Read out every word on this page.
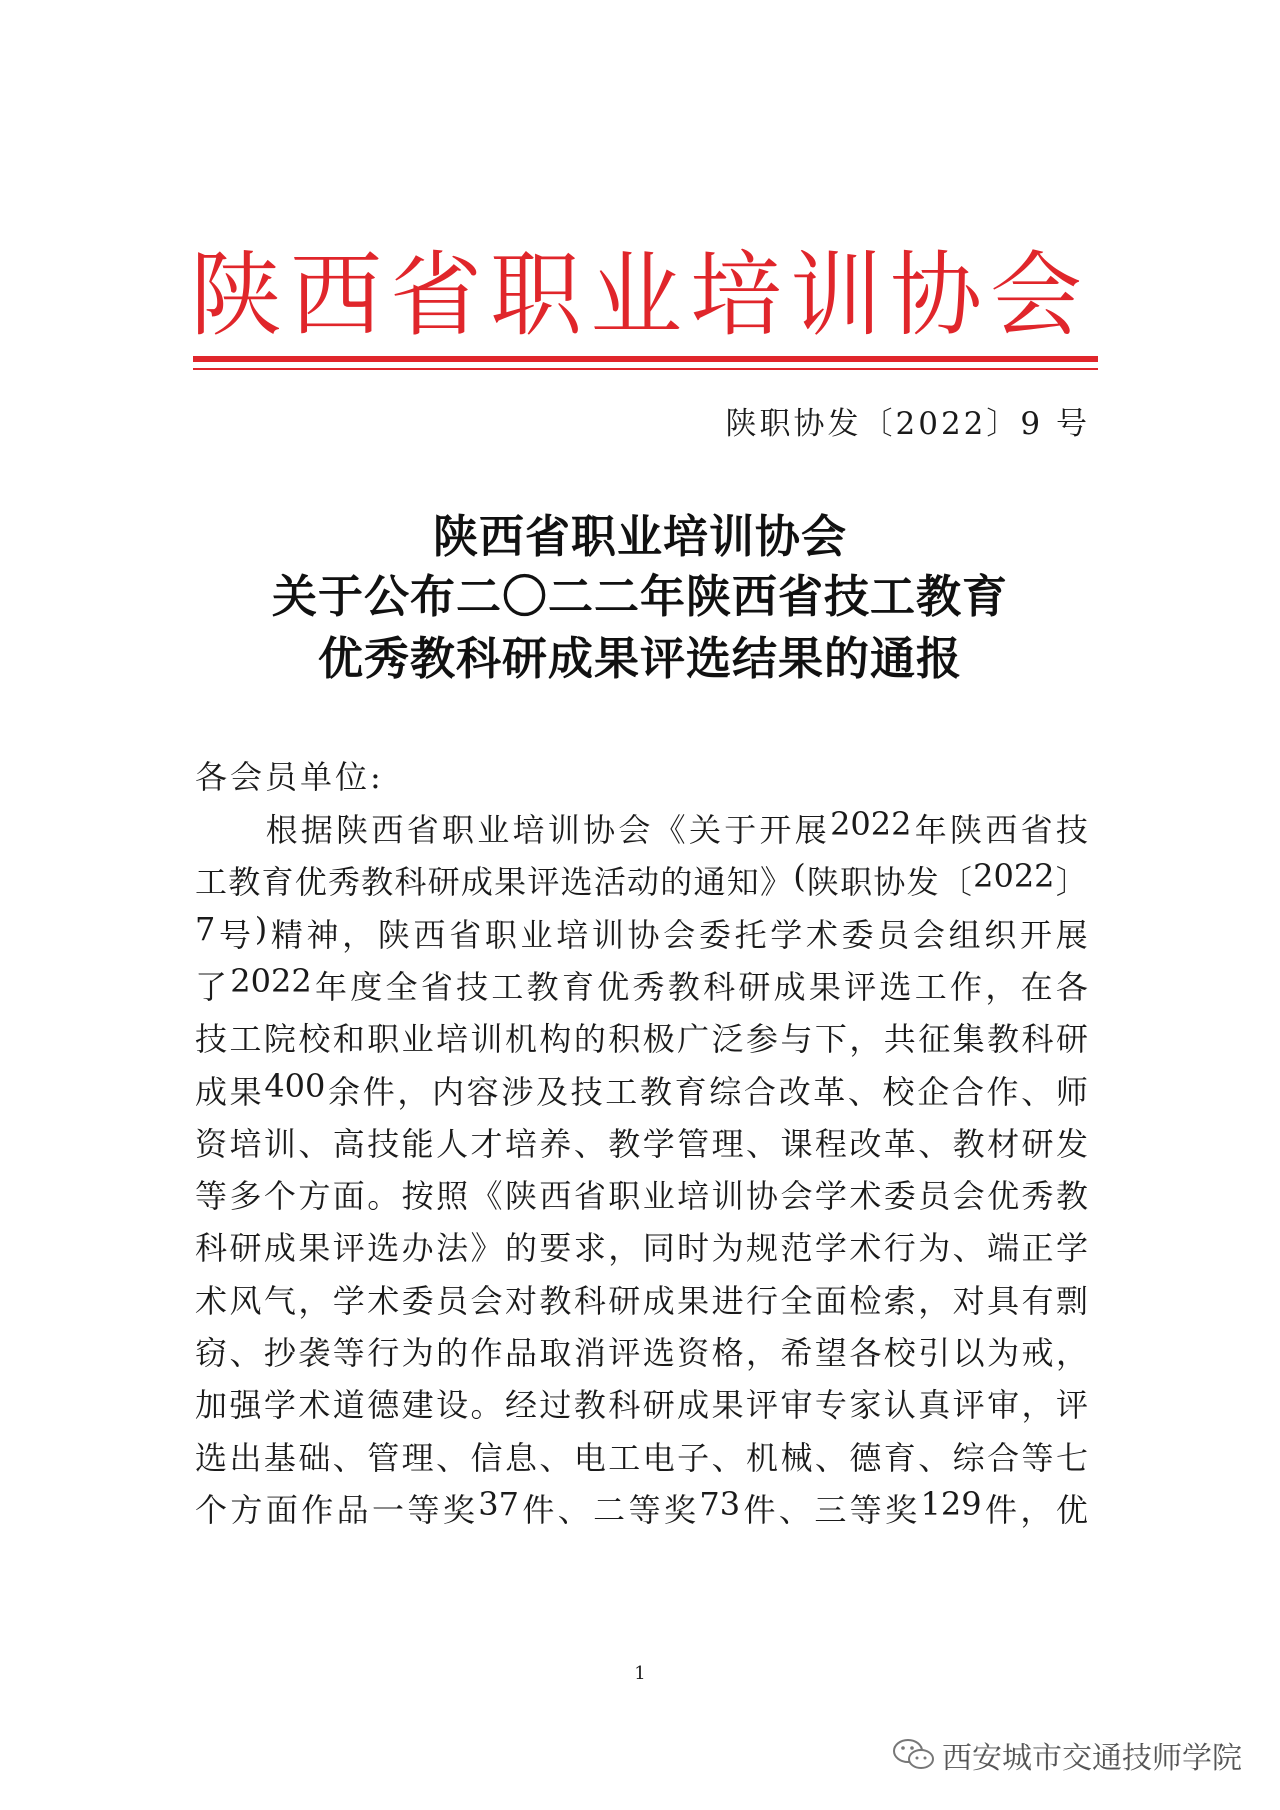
陕西省职业培训协会
陕职协发〔2022〕9 号
陕西省职业培训协会
关于公布二〇二二年陕西省技工教育
优秀教科研成果评选结果的通报
各会员单位:

根 据 陕 西 省 职 业 培 训 协 会 《 关 于 开 展 2022 年 陕 西 省 技
工 教 育 优 秀 教 科 研 成 果 评 选 活 动 的 通 知 》 ( 陕 职 协 发 〔 2022 〕
7 号 ) 精 神 ， 陕 西 省 职 业 培 训 协 会 委 托 学 术 委 员 会 组 织 开 展
了 2022 年 度 全 省 技 工 教 育 优 秀 教 科 研 成 果 评 选 工 作 ， 在 各
技 工 院 校 和 职 业 培 训 机 构 的 积 极 广 泛 参 与 下 ， 共 征 集 教 科 研
成 果 400 余 件 ， 内 容 涉 及 技 工 教 育 综 合 改 革 、 校 企 合 作 、 师
资 培 训 、 高 技 能 人 才 培 养 、 教 学 管 理 、 课 程 改 革 、 教 材 研 发
等 多 个 方 面 。 按 照 《 陕 西 省 职 业 培 训 协 会 学 术 委 员 会 优 秀 教
科 研 成 果 评 选 办 法 》 的 要 求 ， 同 时 为 规 范 学 术 行 为 、 端 正 学
术 风 气 ， 学 术 委 员 会 对 教 科 研 成 果 进 行 全 面 检 索 ， 对 具 有 剽
窃 、 抄 袭 等 行 为 的 作 品 取 消 评 选 资 格 ， 希 望 各 校 引 以 为 戒 ，
加 强 学 术 道 德 建 设 。 经 过 教 科 研 成 果 评 审 专 家 认 真 评 审 ， 评
选 出 基 础 、 管 理 、 信 息 、 电 工 电 子 、 机 械 、 德 育 、 综 合 等 七
个 方 面 作 品 一 等 奖 37 件 、 二 等 奖 73 件 、 三 等 奖 129 件 ， 优
1
西安城市交通技师学院
